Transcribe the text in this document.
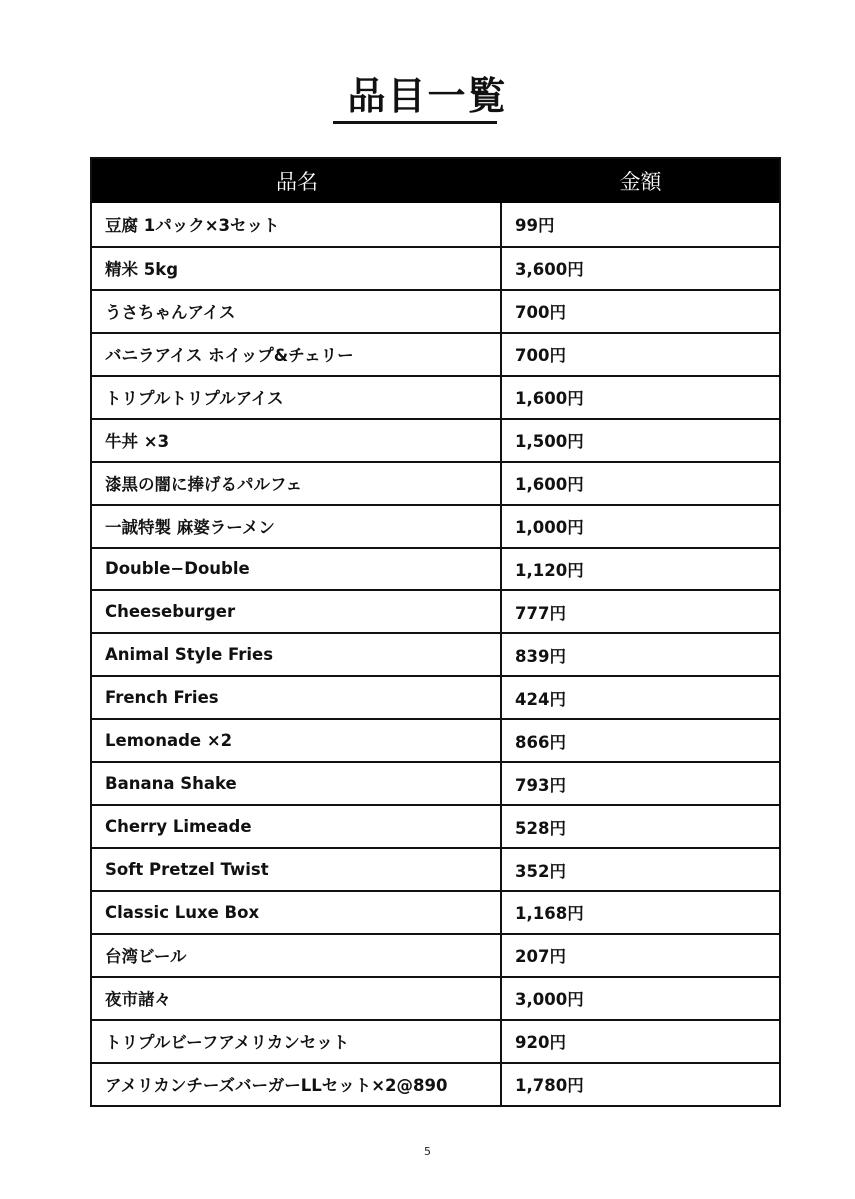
品目一覧
品名	金額
豆腐 1パック×3セット	99円
精米 5kg	3,600円
うさちゃんアイス	700円
バニラアイス ホイップ&チェリー	700円
トリプルトリプルアイス	1,600円
牛丼 ×3	1,500円
漆黒の闇に捧げるパルフェ	1,600円
一誠特製 麻婆ラーメン	1,000円
Double−Double	1,120円
Cheeseburger	777円
Animal Style Fries	839円
French Fries	424円
Lemonade ×2	866円
Banana Shake	793円
Cherry Limeade	528円
Soft Pretzel Twist	352円
Classic Luxe Box	1,168円
台湾ビール	207円
夜市諸々	3,000円
トリプルビーフアメリカンセット	920円
アメリカンチーズバーガーLLセット×2@890	1,780円
5
